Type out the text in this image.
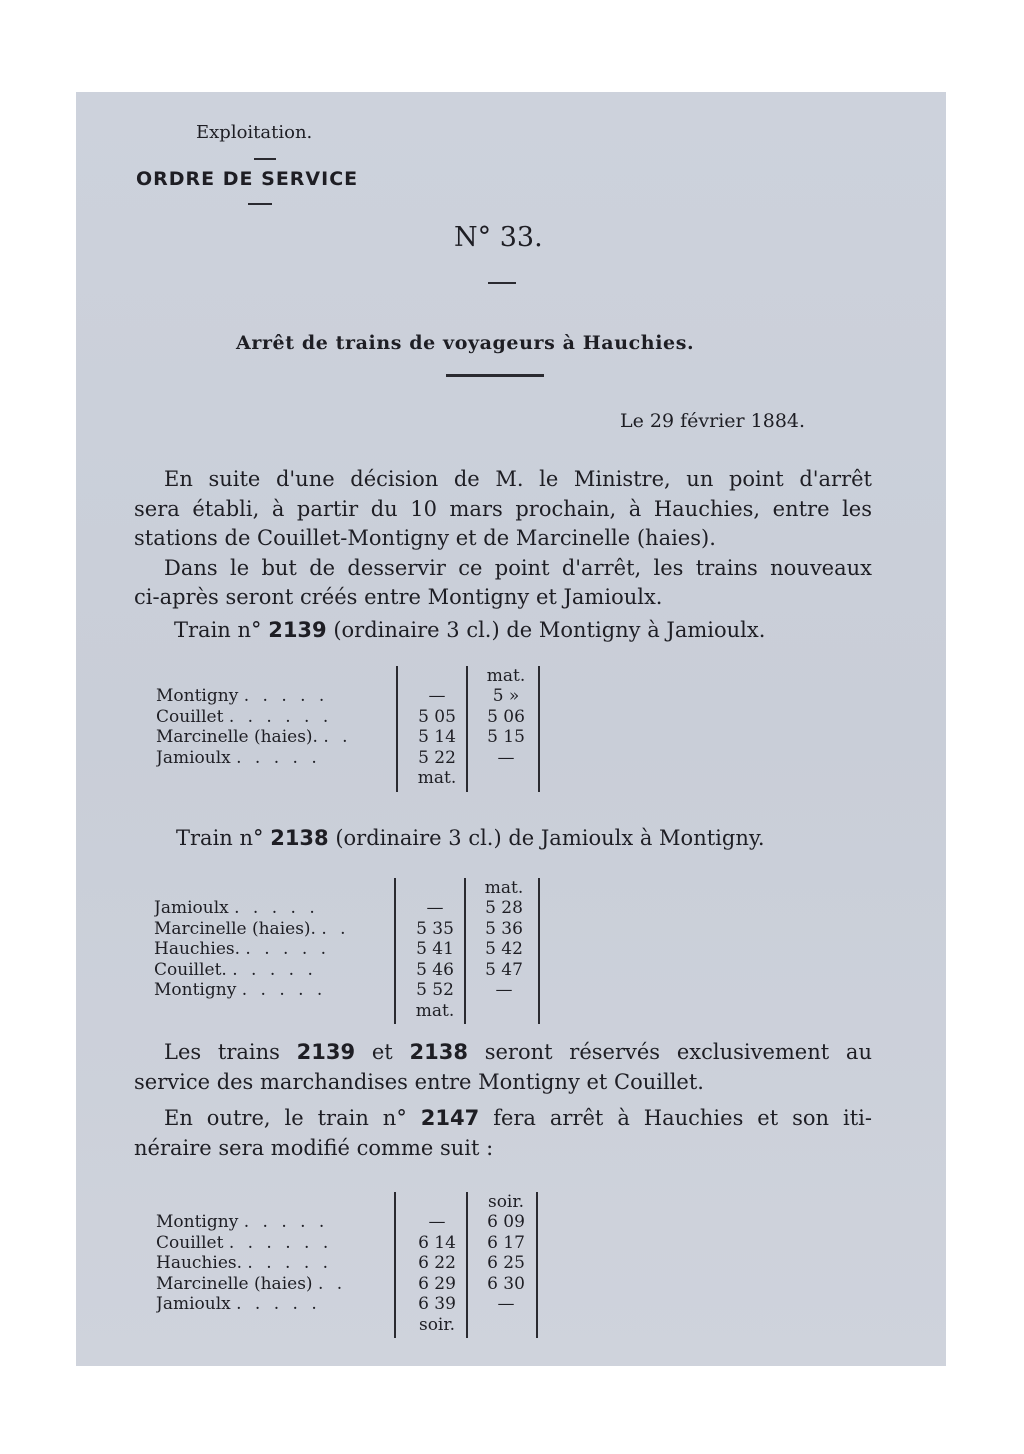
Exploitation.
ORDRE DE SERVICE
N° 33.
Arrêt de trains de voyageurs à Hauchies.
Le 29 février 1884.
En suite d'une décision de M. le Ministre, un point d'arrêt
sera établi, à partir du 10 mars prochain, à Hauchies, entre les
stations de Couillet-Montigny et de Marcinelle (haies).
Dans le but de desservir ce point d'arrêt, les trains nouveaux
ci-après seront créés entre Montigny et Jamioulx.
Train n° 2139 (ordinaire 3 cl.) de Montigny à Jamioulx.
mat.
Montigny . . . . .
Couillet . . . . . .
Marcinelle (haies). . .
Jamioulx . . . . .
—
5 05
5 14
5 22
mat.
5 »
5 06
5 15
—
Train n° 2138 (ordinaire 3 cl.) de Jamioulx à Montigny.
mat.
Jamioulx . . . . .
Marcinelle (haies). . .
Hauchies. . . . . .
Couillet. . . . . .
Montigny . . . . .
—
5 35
5 41
5 46
5 52
mat.
5 28
5 36
5 42
5 47
—
Les trains 2139 et 2138 seront réservés exclusivement au
service des marchandises entre Montigny et Couillet.
En outre, le train n° 2147 fera arrêt à Hauchies et son iti-
néraire sera modifié comme suit :
soir.
Montigny . . . . .
Couillet . . . . . .
Hauchies. . . . . .
Marcinelle (haies) . .
Jamioulx . . . . .
—
6 14
6 22
6 29
6 39
soir.
6 09
6 17
6 25
6 30
—
